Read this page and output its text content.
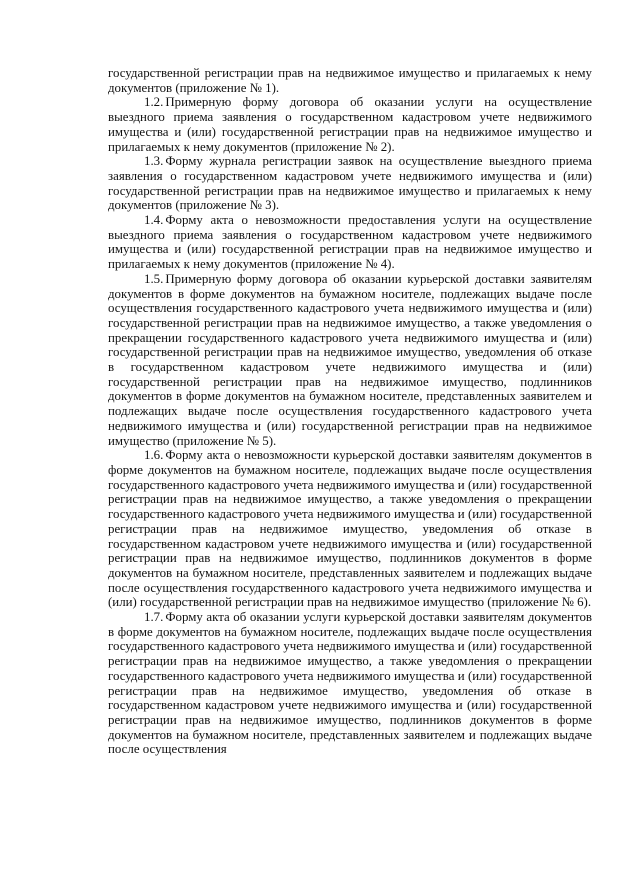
государственной регистрации прав на недвижимое имущество и прилагаемых к нему документов (приложение № 1).

1.2. Примерную форму договора об оказании услуги на осуществление выездного приема заявления о государственном кадастровом учете недвижимого имущества и (или) государственной регистрации прав на недвижимое имущество и прилагаемых к нему документов (приложение № 2).

1.3. Форму журнала регистрации заявок на осуществление выездного приема заявления о государственном кадастровом учете недвижимого имущества и (или) государственной регистрации прав на недвижимое имущество и прилагаемых к нему документов (приложение № 3).

1.4. Форму акта о невозможности предоставления услуги на осуществление выездного приема заявления о государственном кадастровом учете недвижимого имущества и (или) государственной регистрации прав на недвижимое имущество и прилагаемых к нему документов (приложение № 4).

1.5. Примерную форму договора об оказании курьерской доставки заявителям документов в форме документов на бумажном носителе, подлежащих выдаче после осуществления государственного кадастрового учета недвижимого имущества и (или) государственной регистрации прав на недвижимое имущество, а также уведомления о прекращении государственного кадастрового учета недвижимого имущества и (или) государственной регистрации прав на недвижимое имущество, уведомления об отказе в государственном кадастровом учете недвижимого имущества и (или) государственной регистрации прав на недвижимое имущество, подлинников документов в форме документов на бумажном носителе, представленных заявителем и подлежащих выдаче после осуществления государственного кадастрового учета недвижимого имущества и (или) государственной регистрации прав на недвижимое имущество (приложение № 5).

1.6. Форму акта о невозможности курьерской доставки заявителям документов в форме документов на бумажном носителе, подлежащих выдаче после осуществления государственного кадастрового учета недвижимого имущества и (или) государственной регистрации прав на недвижимое имущество, а также уведомления о прекращении государственного кадастрового учета недвижимого имущества и (или) государственной регистрации прав на недвижимое имущество, уведомления об отказе в государственном кадастровом учете недвижимого имущества и (или) государственной регистрации прав на недвижимое имущество, подлинников документов в форме документов на бумажном носителе, представленных заявителем и подлежащих выдаче после осуществления государственного кадастрового учета недвижимого имущества и (или) государственной регистрации прав на недвижимое имущество (приложение № 6).

1.7. Форму акта об оказании услуги курьерской доставки заявителям документов в форме документов на бумажном носителе, подлежащих выдаче после осуществления государственного кадастрового учета недвижимого имущества и (или) государственной регистрации прав на недвижимое имущество, а также уведомления о прекращении государственного кадастрового учета недвижимого имущества и (или) государственной регистрации прав на недвижимое имущество, уведомления об отказе в государственном кадастровом учете недвижимого имущества и (или) государственной регистрации прав на недвижимое имущество, подлинников документов в форме документов на бумажном носителе, представленных заявителем и подлежащих выдаче после осуществления
